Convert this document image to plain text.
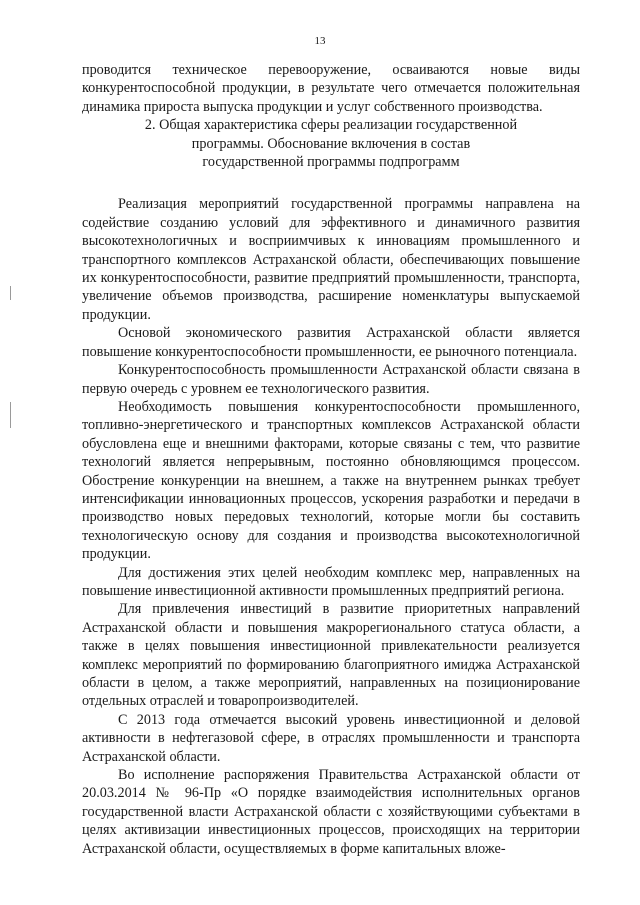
13

проводится техническое перевооружение, осваиваются новые виды конкурентоспособной продукции, в результате чего отмечается положительная динамика прироста выпуска продукции и услуг собственного производства.

2. Общая характеристика сферы реализации государственной
программы. Обоснование включения в состав
государственной программы подпрограмм

Реализация мероприятий государственной программы направлена на содействие созданию условий для эффективного и динамичного развития высокотехнологичных и восприимчивых к инновациям промышленного и транспортного комплексов Астраханской области, обеспечивающих повышение их конкурентоспособности, развитие предприятий промышленности, транспорта, увеличение объемов производства, расширение номенклатуры выпускаемой продукции.

Основой экономического развития Астраханской области является повышение конкурентоспособности промышленности, ее рыночного потенциала.

Конкурентоспособность промышленности Астраханской области связана в первую очередь с уровнем ее технологического развития.

Необходимость повышения конкурентоспособности промышленного, топливно-энергетического и транспортных комплексов Астраханской области обусловлена еще и внешними факторами, которые связаны с тем, что развитие технологий является непрерывным, постоянно обновляющимся процессом. Обострение конкуренции на внешнем, а также на внутреннем рынках требует интенсификации инновационных процессов, ускорения разработки и передачи в производство новых передовых технологий, которые могли бы составить технологическую основу для создания и производства высокотехнологичной продукции.

Для достижения этих целей необходим комплекс мер, направленных на повышение инвестиционной активности промышленных предприятий региона.

Для привлечения инвестиций в развитие приоритетных направлений Астраханской области и повышения макрорегионального статуса области, а также в целях повышения инвестиционной привлекательности реализуется комплекс мероприятий по формированию благоприятного имиджа Астраханской области в целом, а также мероприятий, направленных на позиционирование отдельных отраслей и товаропроизводителей.

С 2013 года отмечается высокий уровень инвестиционной и деловой активности в нефтегазовой сфере, в отраслях промышленности и транспорта Астраханской области.

Во исполнение распоряжения Правительства Астраханской области от 20.03.2014 № 96-Пр «О порядке взаимодействия исполнительных органов государственной власти Астраханской области с хозяйствующими субъектами в целях активизации инвестиционных процессов, происходящих на территории Астраханской области, осуществляемых в форме капитальных вложе-
